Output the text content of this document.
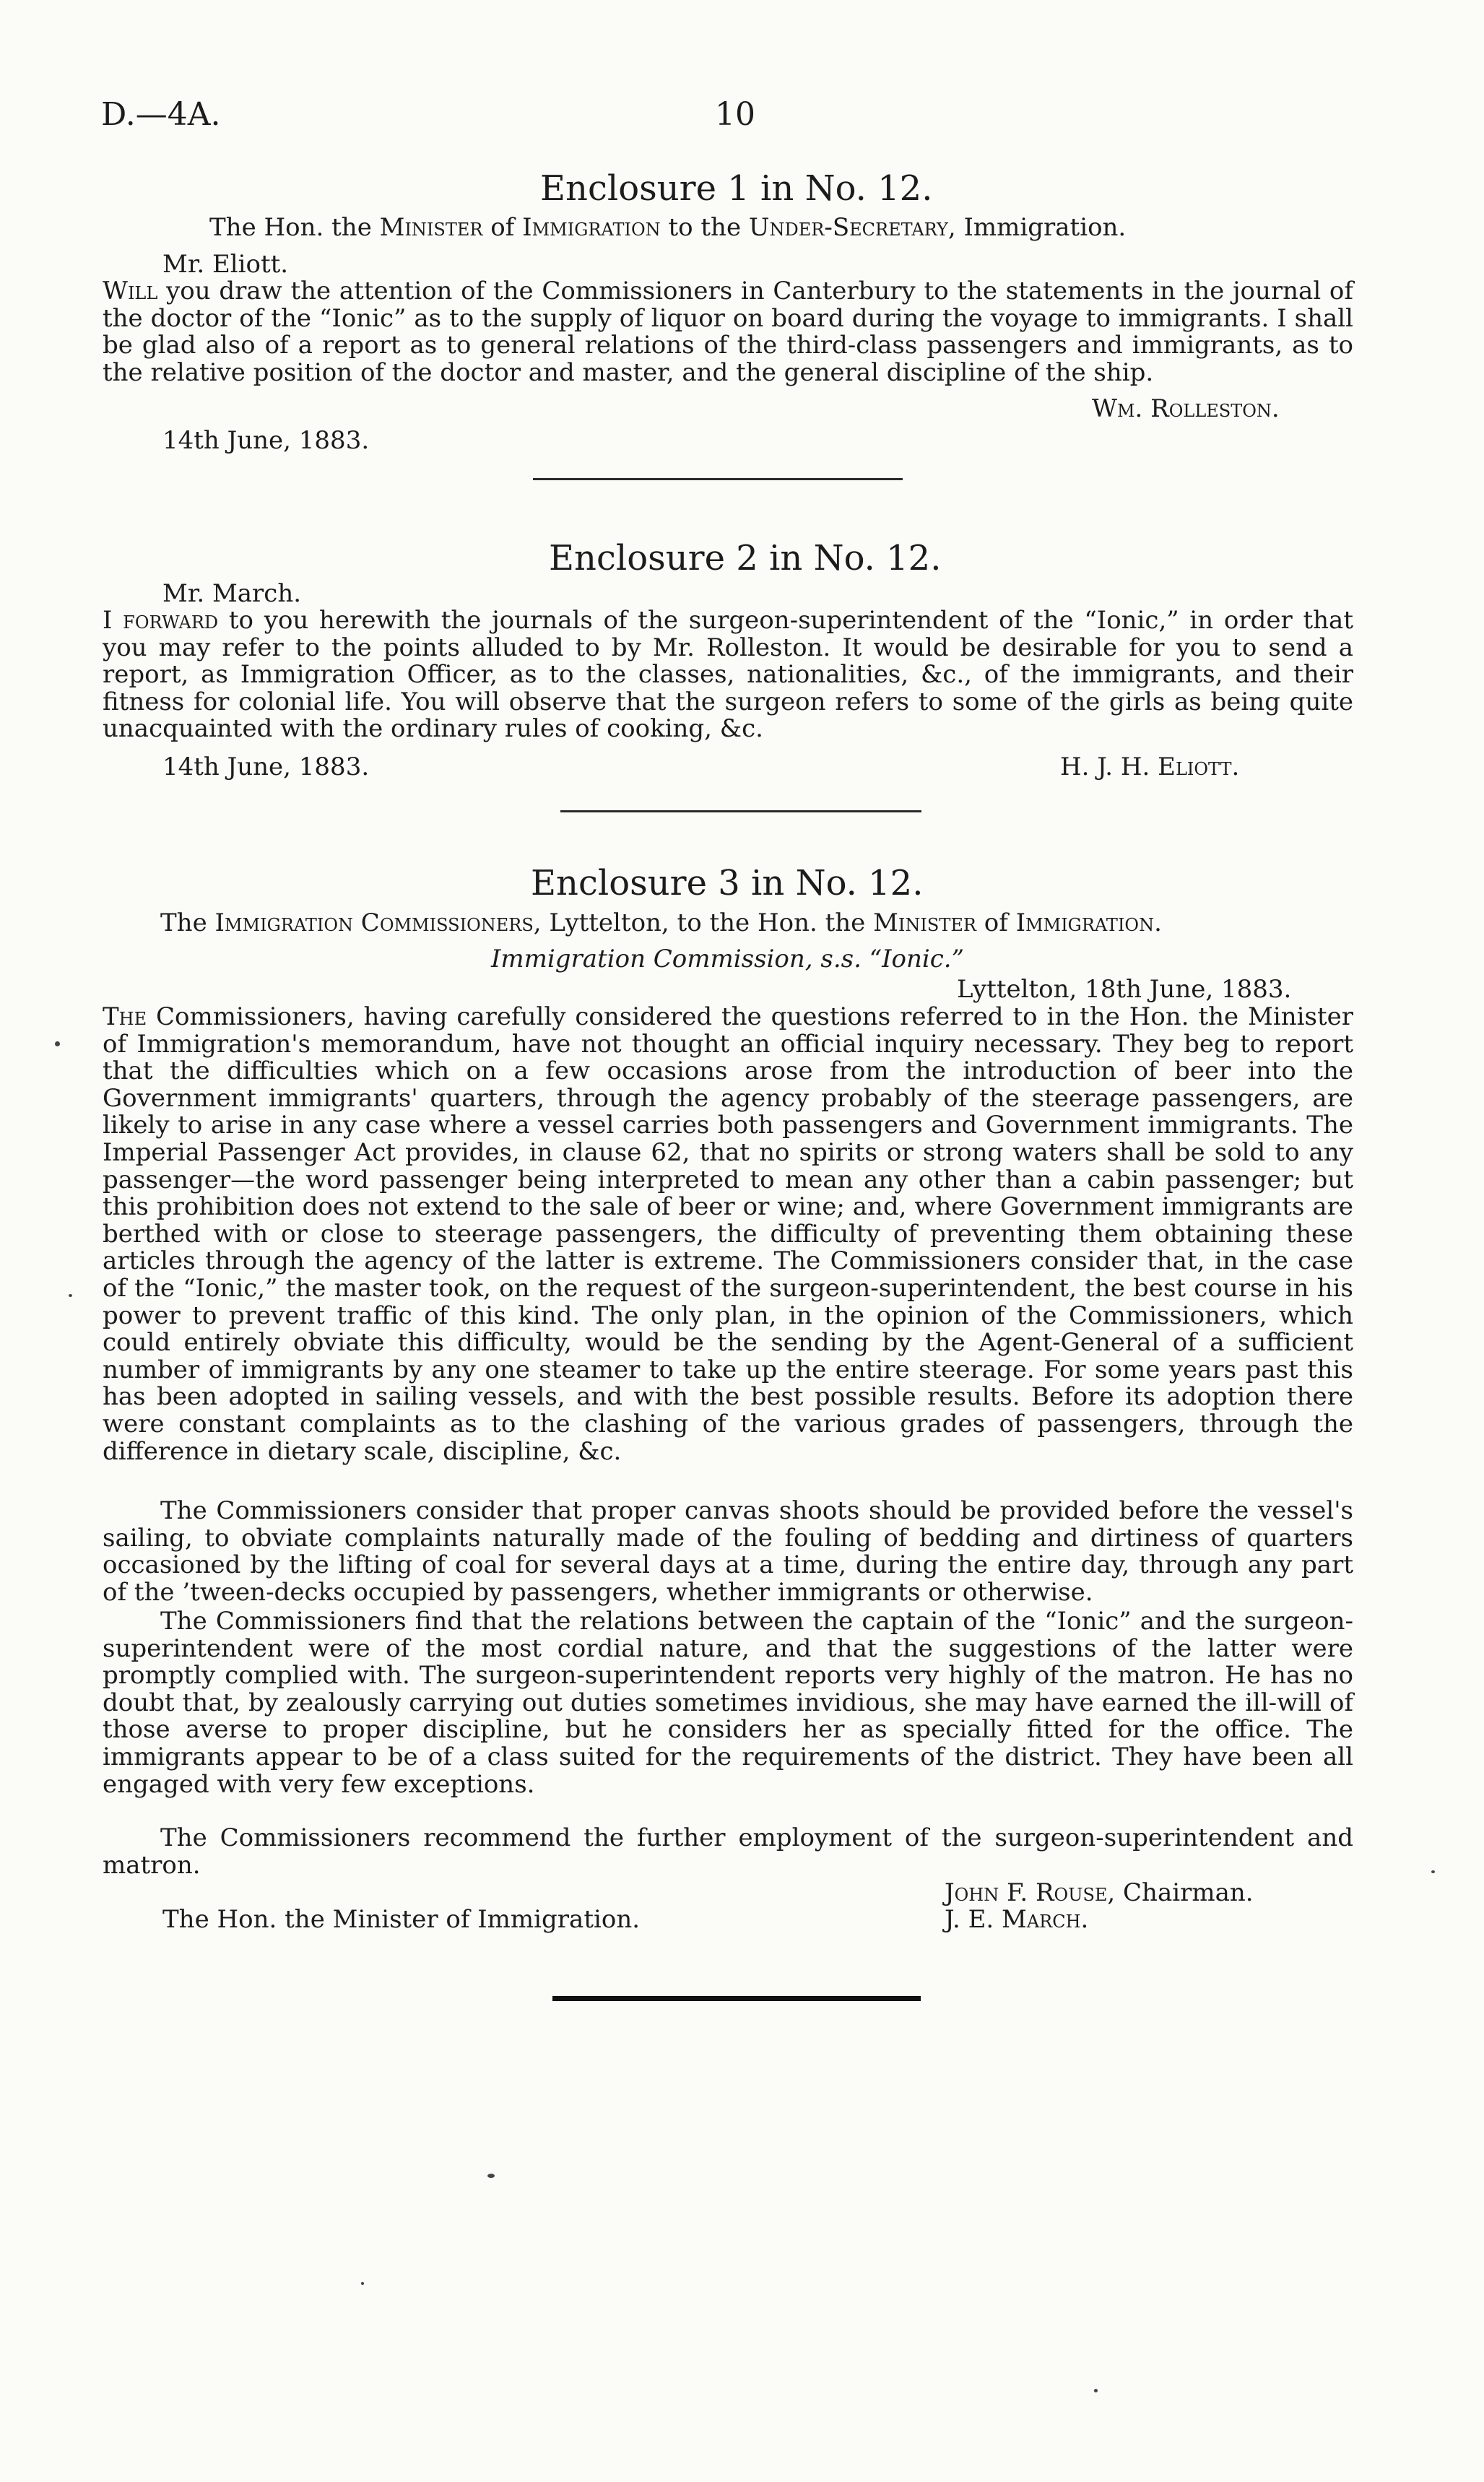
D.—4A.	10
Enclosure 1 in No. 12.
The Hon. the Minister of Immigration to the Under-Secretary, Immigration.
Mr. Eliott.
Will you draw the attention of the Commissioners in Canterbury to the statements in the journal of the doctor of the “Ionic” as to the supply of liquor on board during the voyage to immigrants. I shall be glad also of a report as to general relations of the third-class passengers and immigrants, as to the relative position of the doctor and master, and the general discipline of the ship.
Wm. Rolleston.
14th June, 1883.
Enclosure 2 in No. 12.
Mr. March.
I forward to you herewith the journals of the surgeon-superintendent of the “Ionic,” in order that you may refer to the points alluded to by Mr. Rolleston. It would be desirable for you to send a report, as Immigration Officer, as to the classes, nationalities, &c., of the immigrants, and their fitness for colonial life. You will observe that the surgeon refers to some of the girls as being quite unacquainted with the ordinary rules of cooking, &c.
14th June, 1883.	H. J. H. Eliott.
Enclosure 3 in No. 12.
The Immigration Commissioners, Lyttelton, to the Hon. the Minister of Immigration.
Immigration Commission, s.s. “Ionic.”
Lyttelton, 18th June, 1883.
The Commissioners, having carefully considered the questions referred to in the Hon. the Minister of Immigration's memorandum, have not thought an official inquiry necessary. They beg to report that the difficulties which on a few occasions arose from the introduction of beer into the Government immigrants' quarters, through the agency probably of the steerage passengers, are likely to arise in any case where a vessel carries both passengers and Government immigrants. The Imperial Passenger Act provides, in clause 62, that no spirits or strong waters shall be sold to any passenger—the word passenger being interpreted to mean any other than a cabin passenger; but this prohibition does not extend to the sale of beer or wine; and, where Government immigrants are berthed with or close to steerage passengers, the difficulty of preventing them obtaining these articles through the agency of the latter is extreme. The Commissioners consider that, in the case of the “Ionic,” the master took, on the request of the surgeon-superintendent, the best course in his power to prevent traffic of this kind. The only plan, in the opinion of the Commissioners, which could entirely obviate this difficulty, would be the sending by the Agent-General of a sufficient number of immigrants by any one steamer to take up the entire steerage. For some years past this has been adopted in sailing vessels, and with the best possible results. Before its adoption there were constant complaints as to the clashing of the various grades of passengers, through the difference in dietary scale, discipline, &c.
The Commissioners consider that proper canvas shoots should be provided before the vessel's sailing, to obviate complaints naturally made of the fouling of bedding and dirtiness of quarters occasioned by the lifting of coal for several days at a time, during the entire day, through any part of the ’tween-decks occupied by passengers, whether immigrants or otherwise.
The Commissioners find that the relations between the captain of the “Ionic” and the surgeon-superintendent were of the most cordial nature, and that the suggestions of the latter were promptly complied with. The surgeon-superintendent reports very highly of the matron. He has no doubt that, by zealously carrying out duties sometimes invidious, she may have earned the ill-will of those averse to proper discipline, but he considers her as specially fitted for the office. The immigrants appear to be of a class suited for the requirements of the district. They have been all engaged with very few exceptions.
The Commissioners recommend the further employment of the surgeon-superintendent and matron.
John F. Rouse, Chairman.
The Hon. the Minister of Immigration.	J. E. March.
